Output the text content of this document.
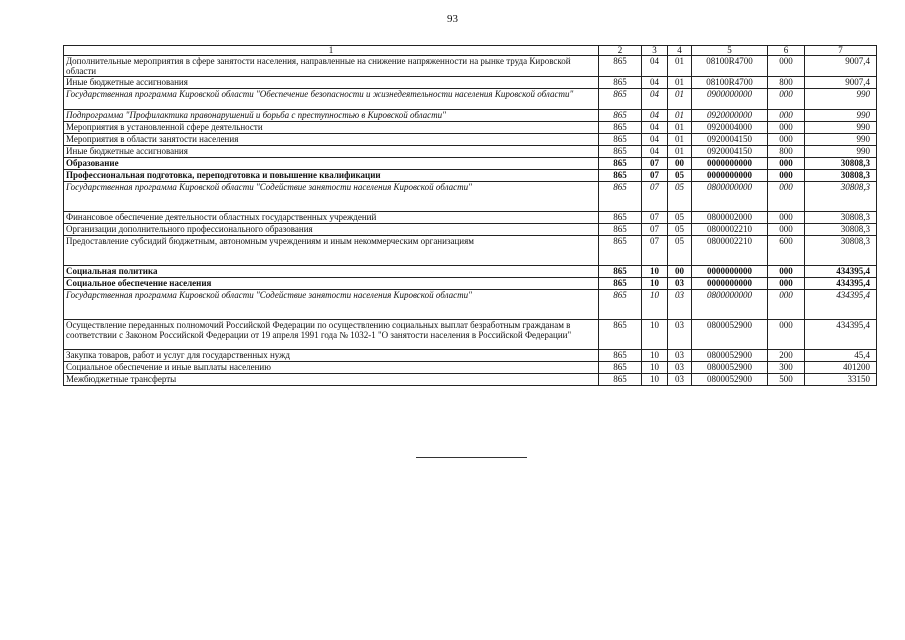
93
1	2	3	4	5	6	7
Дополнительные мероприятия в сфере занятости населения, направленные на снижение напряженности на рынке труда Кировской области	865	04	01	08100R4700	000	9007,4
Иные бюджетные ассигнования	865	04	01	08100R4700	800	9007,4
Государственная программа Кировской области "Обеспечение безопасности и жизнедеятельности населения Кировской области"	865	04	01	0900000000	000	990
Подпрограмма "Профилактика правонарушений и борьба с преступностью в Кировской области"	865	04	01	0920000000	000	990
Мероприятия в установленной сфере деятельности	865	04	01	0920004000	000	990
Мероприятия в области занятости населения	865	04	01	0920004150	000	990
Иные бюджетные ассигнования	865	04	01	0920004150	800	990
Образование	865	07	00	0000000000	000	30808,3
Профессиональная подготовка, переподготовка и повышение квалификации	865	07	05	0000000000	000	30808,3
Государственная программа Кировской области "Содействие занятости населения Кировской области"	865	07	05	0800000000	000	30808,3
Финансовое обеспечение деятельности областных государственных учреждений	865	07	05	0800002000	000	30808,3
Организации дополнительного профессионального образования	865	07	05	0800002210	000	30808,3
Предоставление субсидий бюджетным, автономным учреждениям и иным некоммерческим организациям	865	07	05	0800002210	600	30808,3
Социальная политика	865	10	00	0000000000	000	434395,4
Социальное обеспечение населения	865	10	03	0000000000	000	434395,4
Государственная программа Кировской области "Содействие занятости населения Кировской области"	865	10	03	0800000000	000	434395,4
Осуществление переданных полномочий Российской Федерации по осуществлению социальных выплат безработным гражданам в соответствии с Законом Российской Федерации от 19 апреля 1991 года № 1032-1 "О занятости населения в Российской Федерации"	865	10	03	0800052900	000	434395,4
Закупка товаров, работ и услуг для государственных нужд	865	10	03	0800052900	200	45,4
Социальное обеспечение и иные выплаты населению	865	10	03	0800052900	300	401200
Межбюджетные трансферты	865	10	03	0800052900	500	33150
